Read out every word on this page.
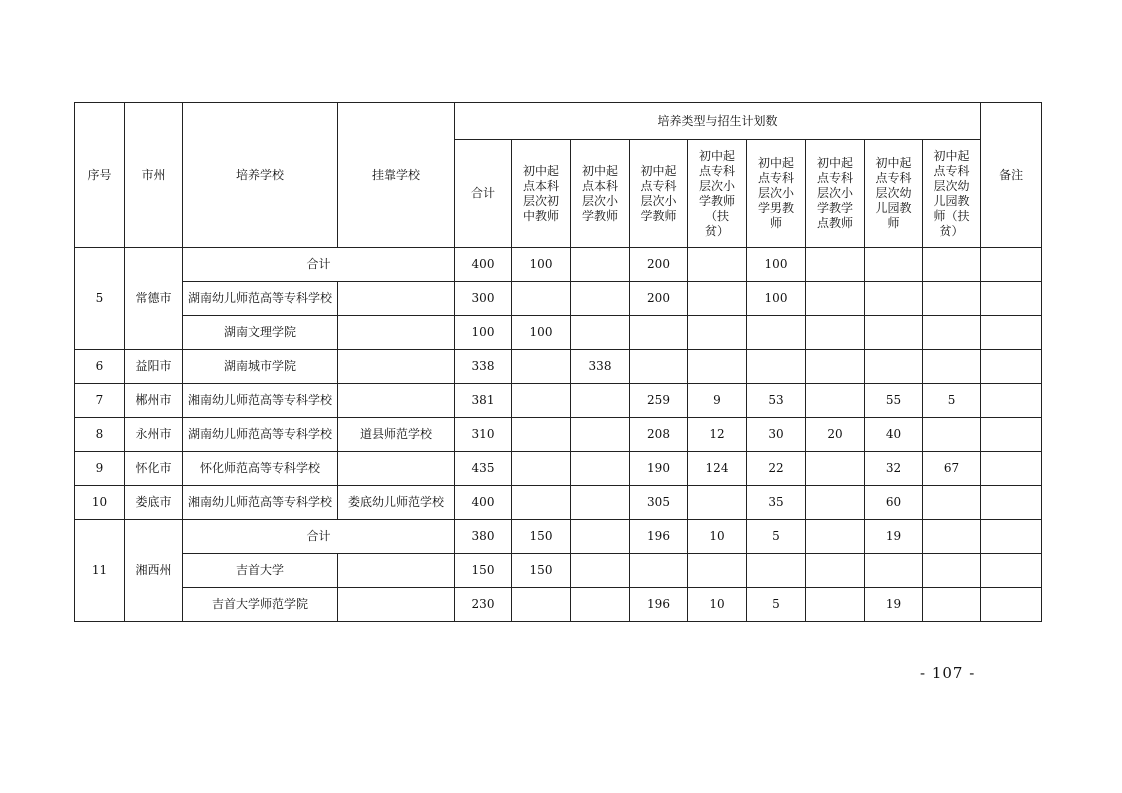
序号	市州	培养学校	挂靠学校	培养类型与招生计划数									备注
				合计	初中起点本科层次初中教师	初中起点本科层次小学教师	初中起点专科层次小学教师	初中起点专科层次小学教师（扶贫）	初中起点专科层次小学男教师	初中起点专科层次小学教学点教师	初中起点专科层次幼儿园教师	初中起点专科层次幼儿园教师（扶贫）	
5	常德市	合计		400	100		200		100				
		湖南幼儿师范高等专科学校		300			200		100				
		湖南文理学院		100	100								
6	益阳市	湖南城市学院		338		338							
7	郴州市	湘南幼儿师范高等专科学校		381			259	9	53		55	5	
8	永州市	湖南幼儿师范高等专科学校	道县师范学校	310			208	12	30	20	40		
9	怀化市	怀化师范高等专科学校		435			190	124	22		32	67	
10	娄底市	湘南幼儿师范高等专科学校	娄底幼儿师范学校	400			305		35		60		
11	湘西州	合计		380	150		196	10	5		19		
		吉首大学		150	150								
		吉首大学师范学院		230			196	10	5		19		
- 107 -
